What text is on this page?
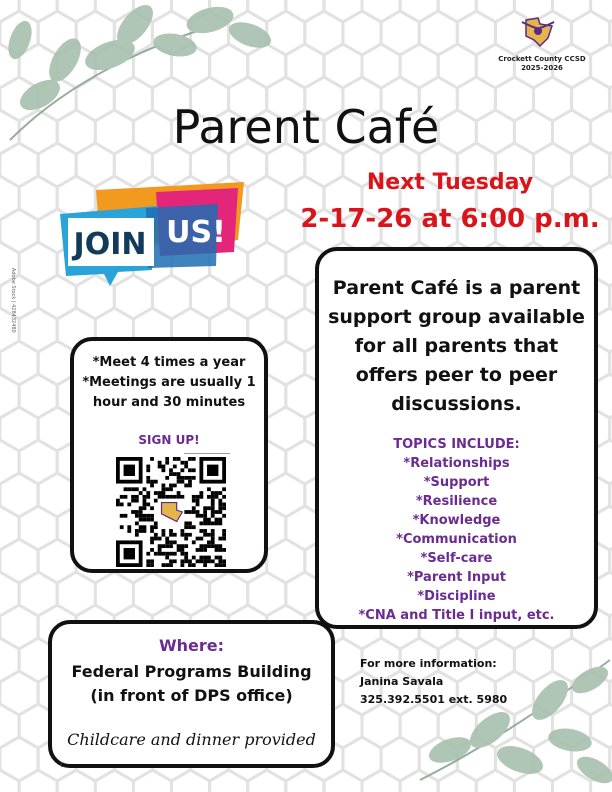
Crockett County CCSD
2025-2026
Parent Café
Next Tuesday
2-17-26 at 6:00 p.m.
JOIN US!
Adobe Stock | 428432480
*Meet 4 times a year
*Meetings are usually 1
hour and 30 minutes
SIGN UP!
Parent Café is a parent
support group available
for all parents that
offers peer to peer
discussions.
TOPICS INCLUDE:
*Relationships
*Support
*Resilience
*Knowledge
*Communication
*Self-care
*Parent Input
*Discipline
*CNA and Title I input, etc.
Where:
Federal Programs Building
(in front of DPS office)
Childcare and dinner provided
For more information:
Janina Savala
325.392.5501 ext. 5980
c
